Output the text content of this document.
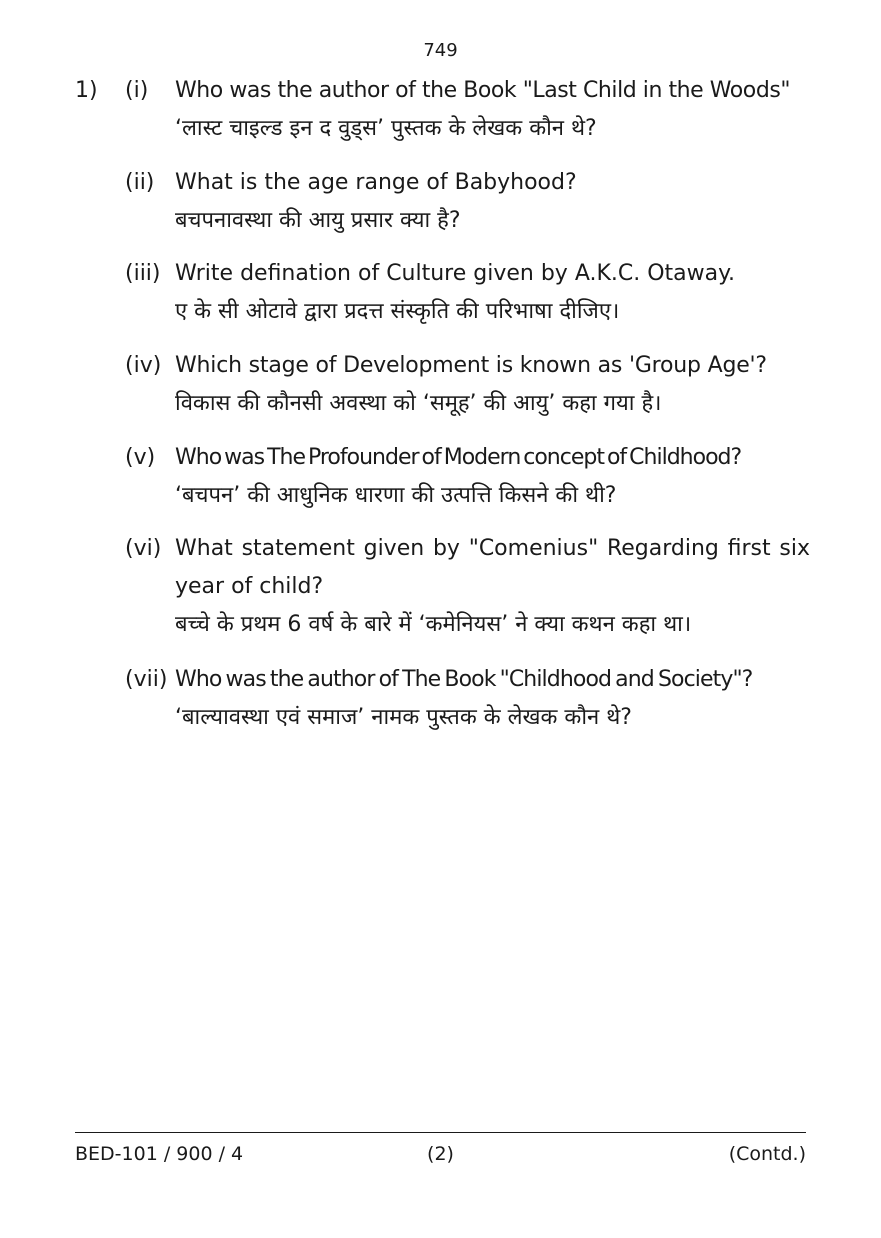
749
1) (i) Who was the author of the Book "Last Child in the Woods"
‘लास्ट चाइल्ड इन द वुड्स’ पुस्तक के लेखक कौन थे?
(ii) What is the age range of Babyhood?
बचपनावस्था की आयु प्रसार क्या है?
(iii) Write defination of Culture given by A.K.C. Otaway.
ए के सी ओटावे द्वारा प्रदत्त संस्कृति की परिभाषा दीजिए।
(iv) Which stage of Development is known as 'Group Age'?
विकास की कौनसी अवस्था को ‘समूह’ की आयु’ कहा गया है।
(v) Who was The Profounder of Modern concept of Childhood?
‘बचपन’ की आधुनिक धारणा की उत्पत्ति किसने की थी?
(vi) What statement given by "Comenius" Regarding first six year of child?
बच्चे के प्रथम 6 वर्ष के बारे में ‘कमेनियस’ ने क्या कथन कहा था।
(vii) Who was the author of The Book "Childhood and Society"?
‘बाल्यावस्था एवं समाज’ नामक पुस्तक के लेखक कौन थे?
BED-101 / 900 / 4	(2)	(Contd.)
